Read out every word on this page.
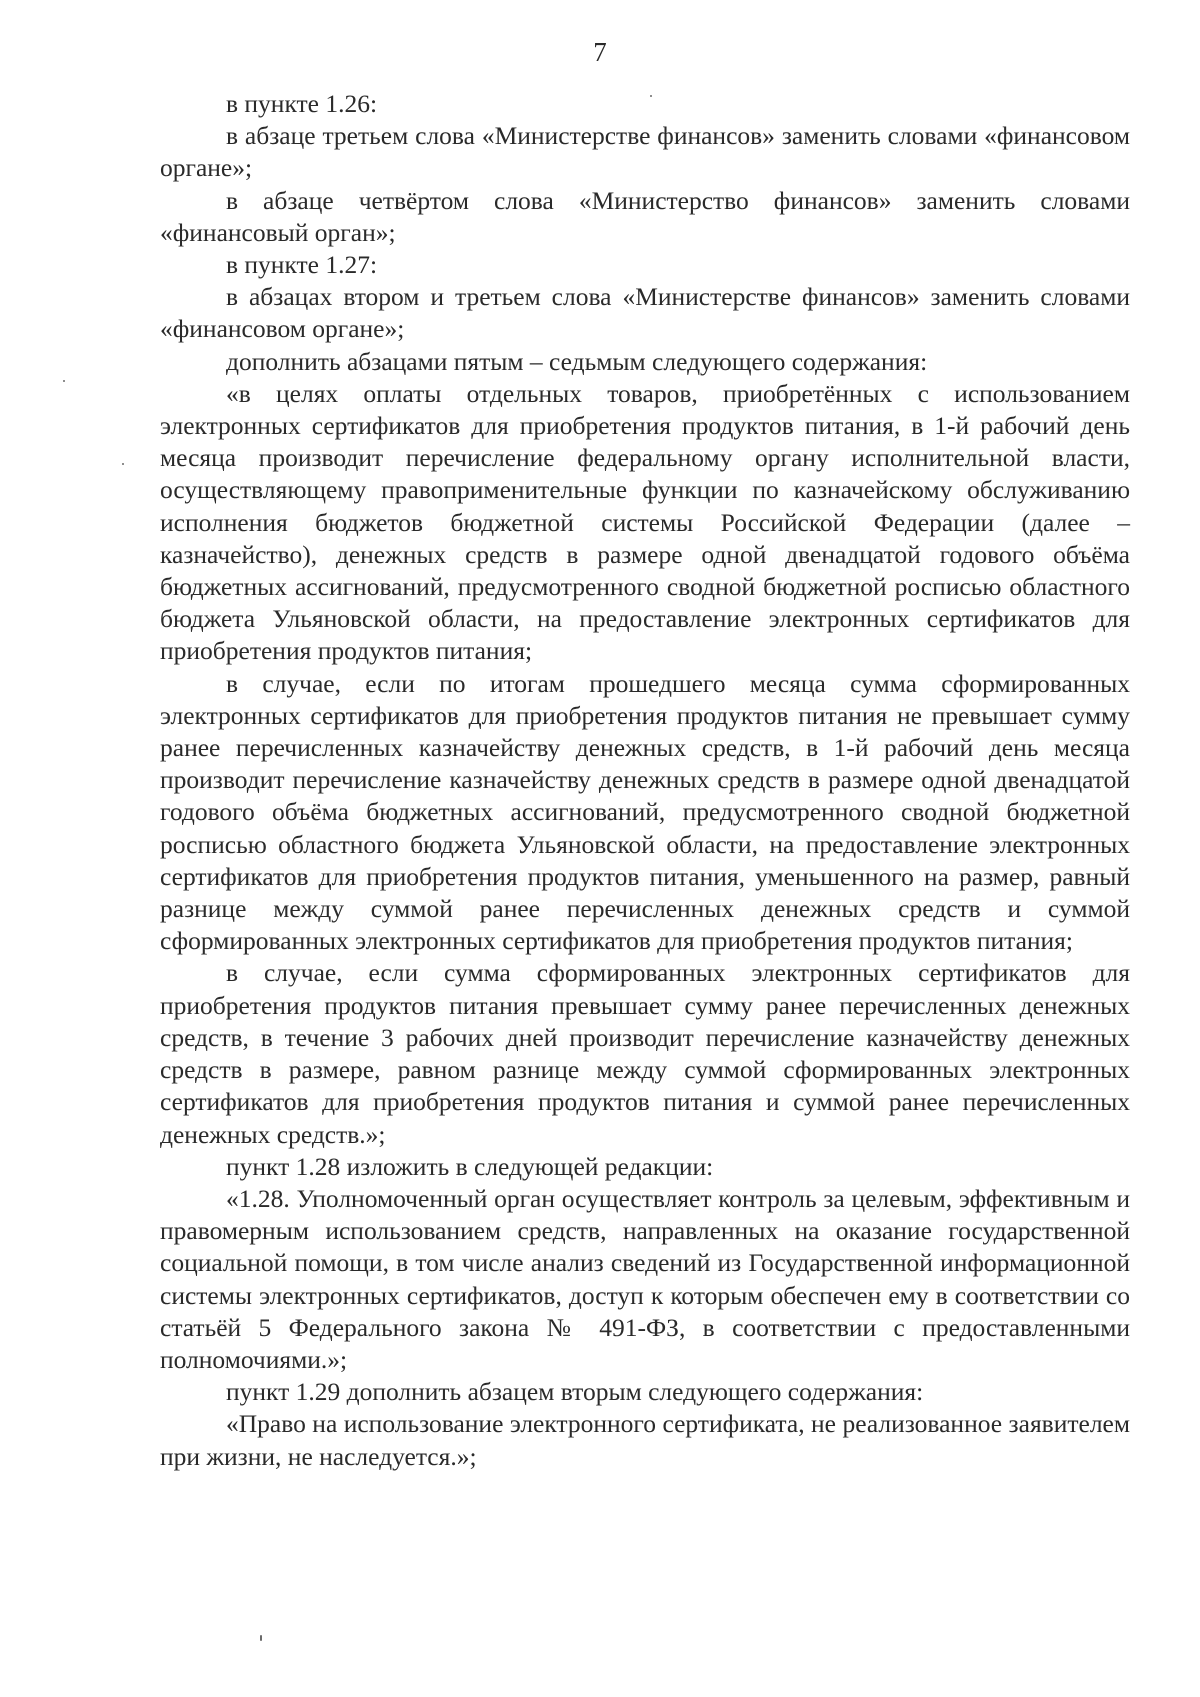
7

в пункте 1.26:

в абзаце третьем слова «Министерстве финансов» заменить словами «финансовом органе»;

в абзаце четвёртом слова «Министерство финансов» заменить словами «финансовый орган»;

в пункте 1.27:

в абзацах втором и третьем слова «Министерстве финансов» заменить словами «финансовом органе»;

дополнить абзацами пятым – седьмым следующего содержания:

«в целях оплаты отдельных товаров, приобретённых с использованием электронных сертификатов для приобретения продуктов питания, в 1-й рабочий день месяца производит перечисление федеральному органу исполнительной власти, осуществляющему правоприменительные функции по казначейскому обслуживанию исполнения бюджетов бюджетной системы Российской Федерации (далее – казначейство), денежных средств в размере одной двенадцатой годового объёма бюджетных ассигнований, предусмотренного сводной бюджетной росписью областного бюджета Ульяновской области, на предоставление электронных сертификатов для приобретения продуктов питания;

в случае, если по итогам прошедшего месяца сумма сформированных электронных сертификатов для приобретения продуктов питания не превышает сумму ранее перечисленных казначейству денежных средств, в 1-й рабочий день месяца производит перечисление казначейству денежных средств в размере одной двенадцатой годового объёма бюджетных ассигнований, предусмотренного сводной бюджетной росписью областного бюджета Ульяновской области, на предоставление электронных сертификатов для приобретения продуктов питания, уменьшенного на размер, равный разнице между суммой ранее перечисленных денежных средств и суммой сформированных электронных сертификатов для приобретения продуктов питания;

в случае, если сумма сформированных электронных сертификатов для приобретения продуктов питания превышает сумму ранее перечисленных денежных средств, в течение 3 рабочих дней производит перечисление казначейству денежных средств в размере, равном разнице между суммой сформированных электронных сертификатов для приобретения продуктов питания и суммой ранее перечисленных денежных средств.»;

пункт 1.28 изложить в следующей редакции:

«1.28. Уполномоченный орган осуществляет контроль за целевым, эффективным и правомерным использованием средств, направленных на оказание государственной социальной помощи, в том числе анализ сведений из Государственной информационной системы электронных сертификатов, доступ к которым обеспечен ему в соответствии со статьёй 5 Федерального закона № 491-ФЗ, в соответствии с предоставленными полномочиями.»;

пункт 1.29 дополнить абзацем вторым следующего содержания:

«Право на использование электронного сертификата, не реализованное заявителем при жизни, не наследуется.»;
